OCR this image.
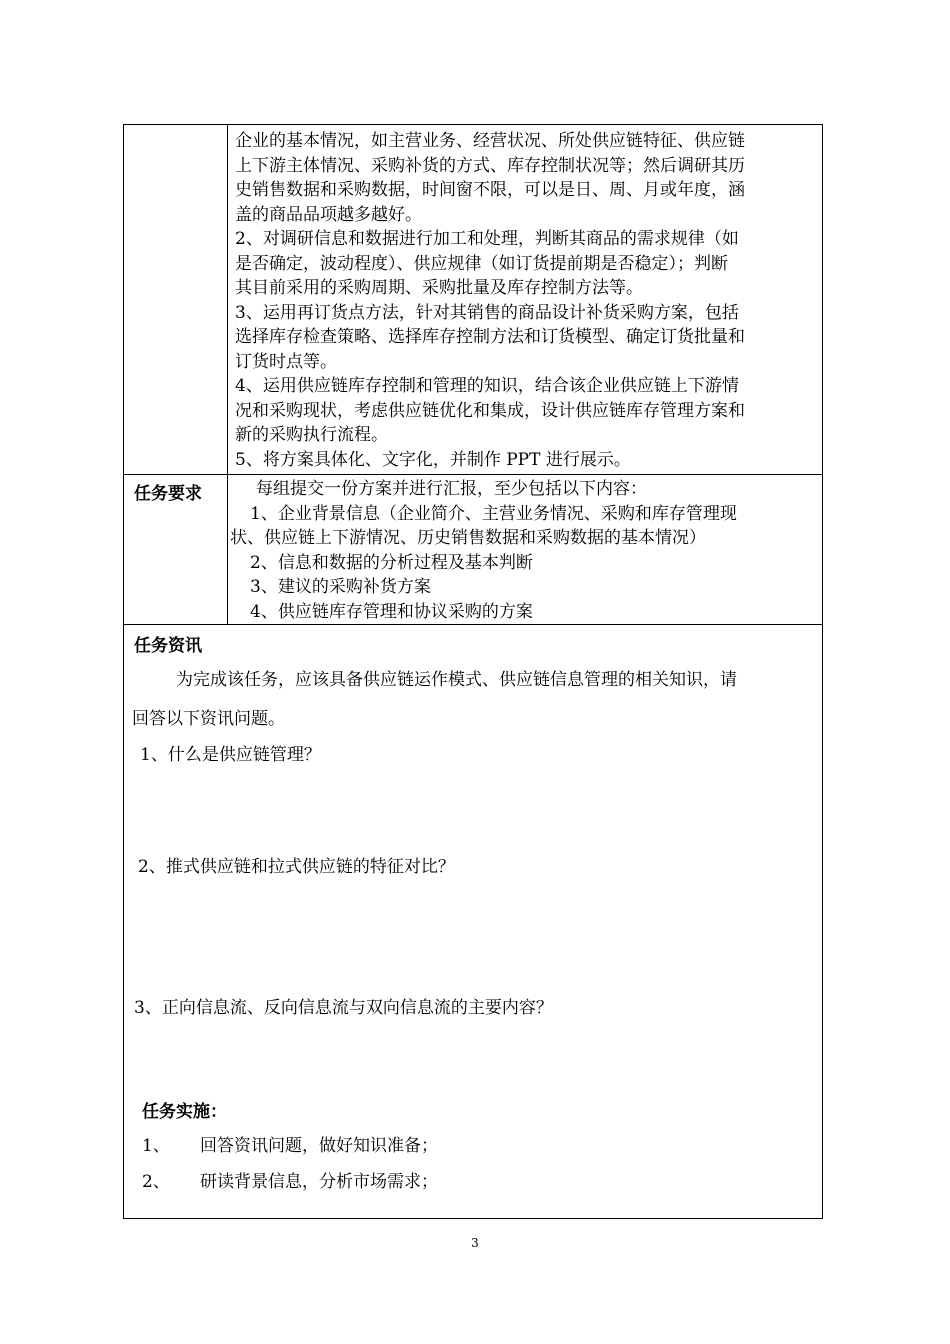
企业的基本情况，如主营业务、经营状况、所处供应链特征、供应链
上下游主体情况、采购补货的方式、库存控制状况等；然后调研其历
史销售数据和采购数据，时间窗不限，可以是日、周、月或年度，涵
盖的商品品项越多越好。
2、对调研信息和数据进行加工和处理，判断其商品的需求规律（如
是否确定，波动程度）、供应规律（如订货提前期是否稳定）；判断
其目前采用的采购周期、采购批量及库存控制方法等。
3、运用再订货点方法，针对其销售的商品设计补货采购方案，包括
选择库存检查策略、选择库存控制方法和订货模型、确定订货批量和
订货时点等。
4、运用供应链库存控制和管理的知识，结合该企业供应链上下游情
况和采购现状，考虑供应链优化和集成，设计供应链库存管理方案和
新的采购执行流程。
5、将方案具体化、文字化，并制作 PPT 进行展示。
任务要求	每组提交一份方案并进行汇报，至少包括以下内容：
1、企业背景信息（企业简介、主营业务情况、采购和库存管理现
状、供应链上下游情况、历史销售数据和采购数据的基本情况）
2、信息和数据的分析过程及基本判断
3、建议的采购补货方案
4、供应链库存管理和协议采购的方案
任务资讯
为完成该任务，应该具备供应链运作模式、供应链信息管理的相关知识，请
回答以下资讯问题。
1、什么是供应链管理？
2、推式供应链和拉式供应链的特征对比？
3、正向信息流、反向信息流与双向信息流的主要内容？
任务实施：
1、 回答资讯问题，做好知识准备；
2、 研读背景信息，分析市场需求；
3
